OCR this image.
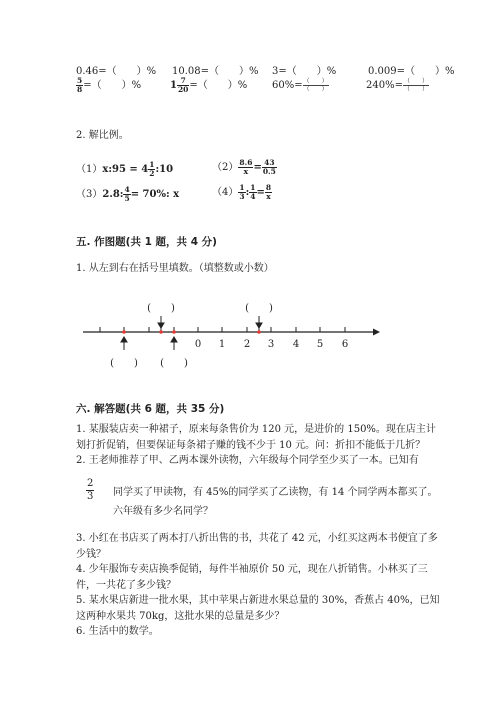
0.46=（　　）% 10.08=（　　）% 3=（　　）%	0.009=（　　）%
$\frac{5}{8}$ =（　　）%	$1 \frac{7}{20}$ =（　　）% 60%= （　　）
（　　）	240%= （　　）
（　　）
2. 解比例。
（1）x:95 = $4 \frac{1}{2}$ :10	$(2) \frac{8.6}{x} = \frac{43}{0.5}$
（3）2.8: $\frac{4}{5} = 70\%$: x	$(4) \frac{1}{3}$ : $\frac{1}{4} = \frac{8}{x}$
五. 作图题(共 1 题，共 4 分)
1. 从左到右在括号里填数。（填整数或小数）
0 1 2 3 4 5 6
(　　)	(　　)
(　　) (　　)
六. 解答题(共 6 题，共 35 分)
1. 某服装店卖一种裙子，原来每条售价为 120 元，是进价的 150%。现在店主计划打折促销，但要保证每条裙子赚的钱不少于 10 元。问：折扣不能低于几折？
2. 王老师推荐了甲、乙两本课外读物，六年级每个同学至少买了一本。已知有
$\frac{2}{3}$ 同学买了甲读物，有 45%的同学买了乙读物，有 14 个同学两本都买了。六年级有多少名同学？
3. 小红在书店买了两本打八折出售的书，共花了 42 元，小红买这两本书便宜了多少钱？
4. 少年服饰专卖店换季促销，每件半袖原价 50 元，现在八折销售。小林买了三件，一共花了多少钱？
5. 某水果店新进一批水果，其中苹果占新进水果总量的 30%，香蕉占 40%，已知这两种水果共 70kg，这批水果的总量是多少？
6. 生活中的数学。
